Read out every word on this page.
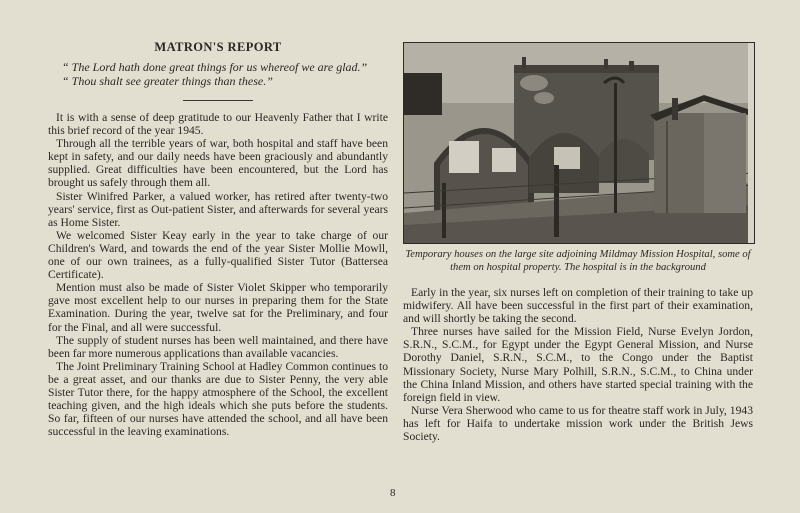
MATRON'S REPORT
“ The Lord hath done great things for us whereof we are glad.”
“ Thou shalt see greater things than these.”

It is with a sense of deep gratitude to our Heavenly Father that I write this brief record of the year 1945.

Through all the terrible years of war, both hospital and staff have been kept in safety, and our daily needs have been graciously and abundantly supplied. Great difficulties have been encountered, but the Lord has brought us safely through them all.

Sister Winifred Parker, a valued worker, has retired after twenty-two years' service, first as Out-patient Sister, and afterwards for several years as Home Sister.

We welcomed Sister Keay early in the year to take charge of our Children's Ward, and towards the end of the year Sister Mollie Mowll, one of our own trainees, as a fully-qualified Sister Tutor (Battersea Certificate).

Mention must also be made of Sister Violet Skipper who temporarily gave most excellent help to our nurses in preparing them for the State Examination. During the year, twelve sat for the Preliminary, and four for the Final, and all were successful.

The supply of student nurses has been well maintained, and there have been far more numerous applications than available vacancies.

The Joint Preliminary Training School at Hadley Common continues to be a great asset, and our thanks are due to Sister Penny, the very able Sister Tutor there, for the happy atmosphere of the School, the excellent teaching given, and the high ideals which she puts before the students. So far, fifteen of our nurses have attended the school, and all have been successful in the leaving examinations.

Temporary houses on the large site adjoining Mildmay Mission Hospital, some of them on hospital property. The hospital is in the background

Early in the year, six nurses left on completion of their training to take up midwifery. All have been successful in the first part of their examination, and will shortly be taking the second.

Three nurses have sailed for the Mission Field, Nurse Evelyn Jordon, S.R.N., S.C.M., for Egypt under the Egypt General Mission, and Nurse Dorothy Daniel, S.R.N., S.C.M., to the Congo under the Baptist Missionary Society, Nurse Mary Polhill, S.R.N., S.C.M., to China under the China Inland Mission, and others have started special training with the foreign field in view.

Nurse Vera Sherwood who came to us for theatre staff work in July, 1943 has left for Haifa to undertake mission work under the British Jews Society.

8
